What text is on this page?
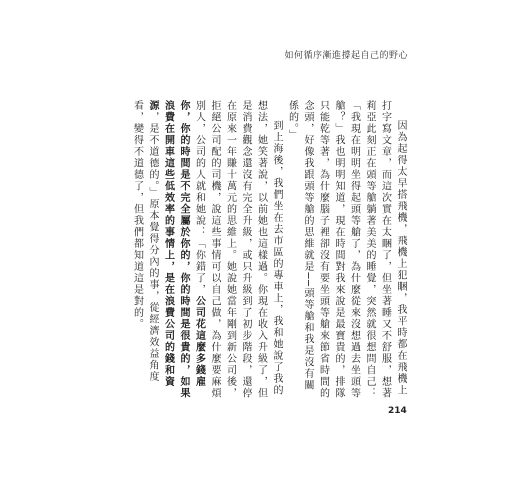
如何循序漸進撐起自己的野心

因為起得太早搭飛機，飛機上犯睏，我平時都在飛機上打字寫文章，而這次實在太睏了，但坐著睡又不舒服，想著莉亞此刻正在頭等艙躺著美美的睡覺，突然就很想問自己：「我現在明明坐得起頭等艙了，為什麼從來沒想過去坐頭等艙？」我也明明知道，現在時間對我來說是最寶貴的，排隊只能乾等著，為什麼腦子裡卻沒有要坐頭等艙來節省時間的念頭，好像我跟頭等艙的思維就是──頭等艙和我是沒有關係的。」

到上海後，我們坐在去市區的專車上，我和她說了我的想法，她笑著說，以前她也這樣過。你現在收入升級了，但是消費觀念還沒有完全升級，或只升級到了初步階段，還停在原來一年賺十萬元的思維上。她說她當年剛到新公司後，拒絕公司配的司機，說這些事情可以自己做，為什麼要麻煩別人，公司的人就和她說：「你錯了，公司花這麼多錢雇你，你的時間是不完全屬於你的，你的時間是很貴的，如果浪費在開車這些低效率的事情上，是在浪費公司的錢和資源，是不道德的。」原本覺得分內的事，從經濟效益角度看，變得不道德了，但我們都知道這是對的。

214
